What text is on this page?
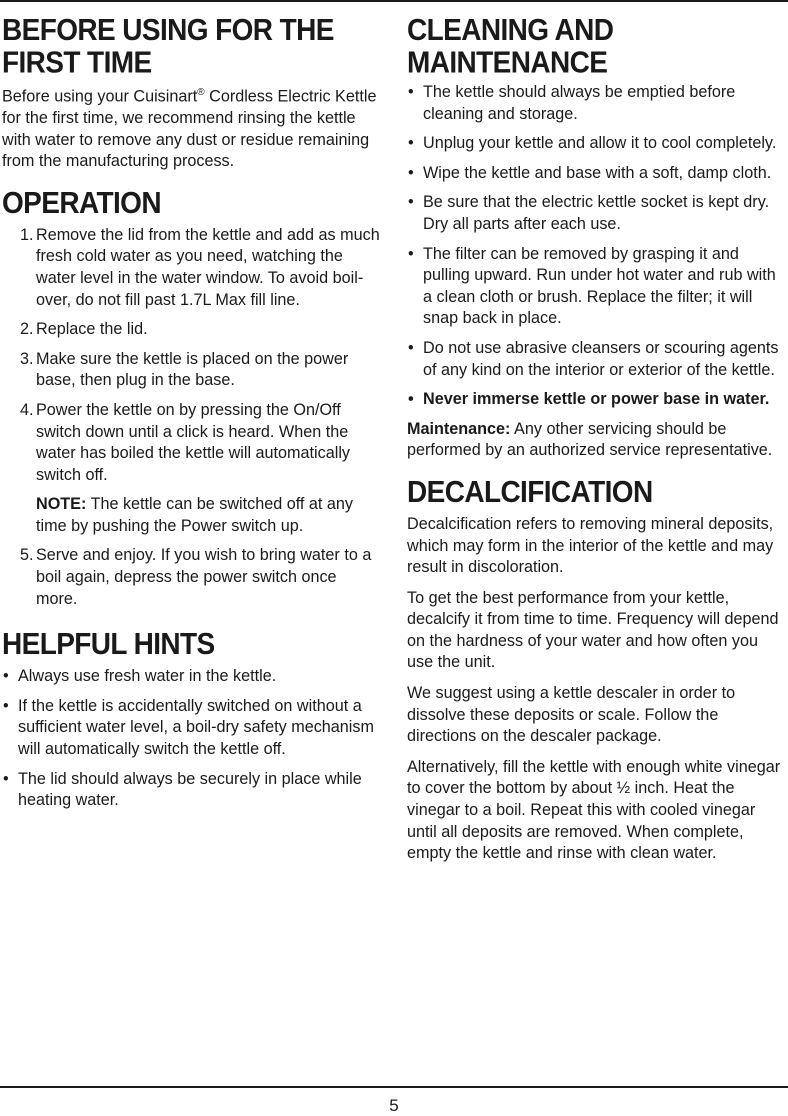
BEFORE USING FOR THE
FIRST TIME

Before using your Cuisinart® Cordless Electric Kettle for the first time, we recommend rinsing the kettle with water to remove any dust or residue remaining from the manufacturing process.

OPERATION
1. Remove the lid from the kettle and add as much fresh cold water as you need, watching the water level in the water window. To avoid boil-over, do not fill past 1.7L Max fill line.
2. Replace the lid.
3. Make sure the kettle is placed on the power base, then plug in the base.
4. Power the kettle on by pressing the On/Off switch down until a click is heard. When the water has boiled the kettle will automatically switch off.

NOTE: The kettle can be switched off at any time by pushing the Power switch up.

5. Serve and enjoy. If you wish to bring water to a boil again, depress the power switch once more.
HELPFUL HINTS
• Always use fresh water in the kettle.
• If the kettle is accidentally switched on without a sufficient water level, a boil-dry safety mechanism will automatically switch the kettle off.
• The lid should always be securely in place while heating water.
CLEANING AND
MAINTENANCE
• The kettle should always be emptied before cleaning and storage.
• Unplug your kettle and allow it to cool completely.
• Wipe the kettle and base with a soft, damp cloth.
• Be sure that the electric kettle socket is kept dry. Dry all parts after each use.
• The filter can be removed by grasping it and pulling upward. Run under hot water and rub with a clean cloth or brush. Replace the filter; it will snap back in place.
• Do not use abrasive cleansers or scouring agents of any kind on the interior or exterior of the kettle.
• Never immerse kettle or power base in water.

Maintenance: Any other servicing should be performed by an authorized service representative.

DECALCIFICATION

Decalcification refers to removing mineral deposits, which may form in the interior of the kettle and may result in discoloration.

To get the best performance from your kettle, decalcify it from time to time. Frequency will depend on the hardness of your water and how often you use the unit.

We suggest using a kettle descaler in order to dissolve these deposits or scale. Follow the directions on the descaler package.

Alternatively, fill the kettle with enough white vinegar to cover the bottom by about ½ inch. Heat the vinegar to a boil. Repeat this with cooled vinegar until all deposits are removed. When complete, empty the kettle and rinse with clean water.

5
